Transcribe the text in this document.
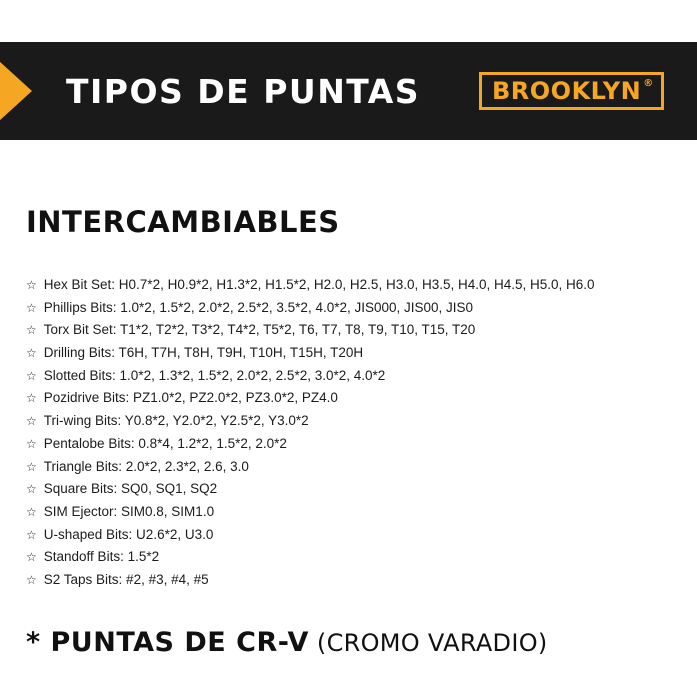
TIPOS DE PUNTAS	BROOKLYN ®
INTERCAMBIABLES
☆ Hex Bit Set: H0.7*2, H0.9*2, H1.3*2, H1.5*2, H2.0, H2.5, H3.0, H3.5, H4.0, H4.5, H5.0, H6.0
☆ Phillips Bits: 1.0*2, 1.5*2, 2.0*2, 2.5*2, 3.5*2, 4.0*2, JIS000, JIS00, JIS0
☆ Torx Bit Set: T1*2, T2*2, T3*2, T4*2, T5*2, T6, T7, T8, T9, T10, T15, T20
☆ Drilling Bits: T6H, T7H, T8H, T9H, T10H, T15H, T20H
☆ Slotted Bits: 1.0*2, 1.3*2, 1.5*2, 2.0*2, 2.5*2, 3.0*2, 4.0*2
☆ Pozidrive Bits: PZ1.0*2, PZ2.0*2, PZ3.0*2, PZ4.0
☆ Tri-wing Bits: Y0.8*2, Y2.0*2, Y2.5*2, Y3.0*2
☆ Pentalobe Bits: 0.8*4, 1.2*2, 1.5*2, 2.0*2
☆ Triangle Bits: 2.0*2, 2.3*2, 2.6, 3.0
☆ Square Bits: SQ0, SQ1, SQ2
☆ SIM Ejector: SIM0.8, SIM1.0
☆ U-shaped Bits: U2.6*2, U3.0
☆ Standoff Bits: 1.5*2
☆ S2 Taps Bits: #2, #3, #4, #5
* PUNTAS DE CR-V (CROMO VARADIO)
